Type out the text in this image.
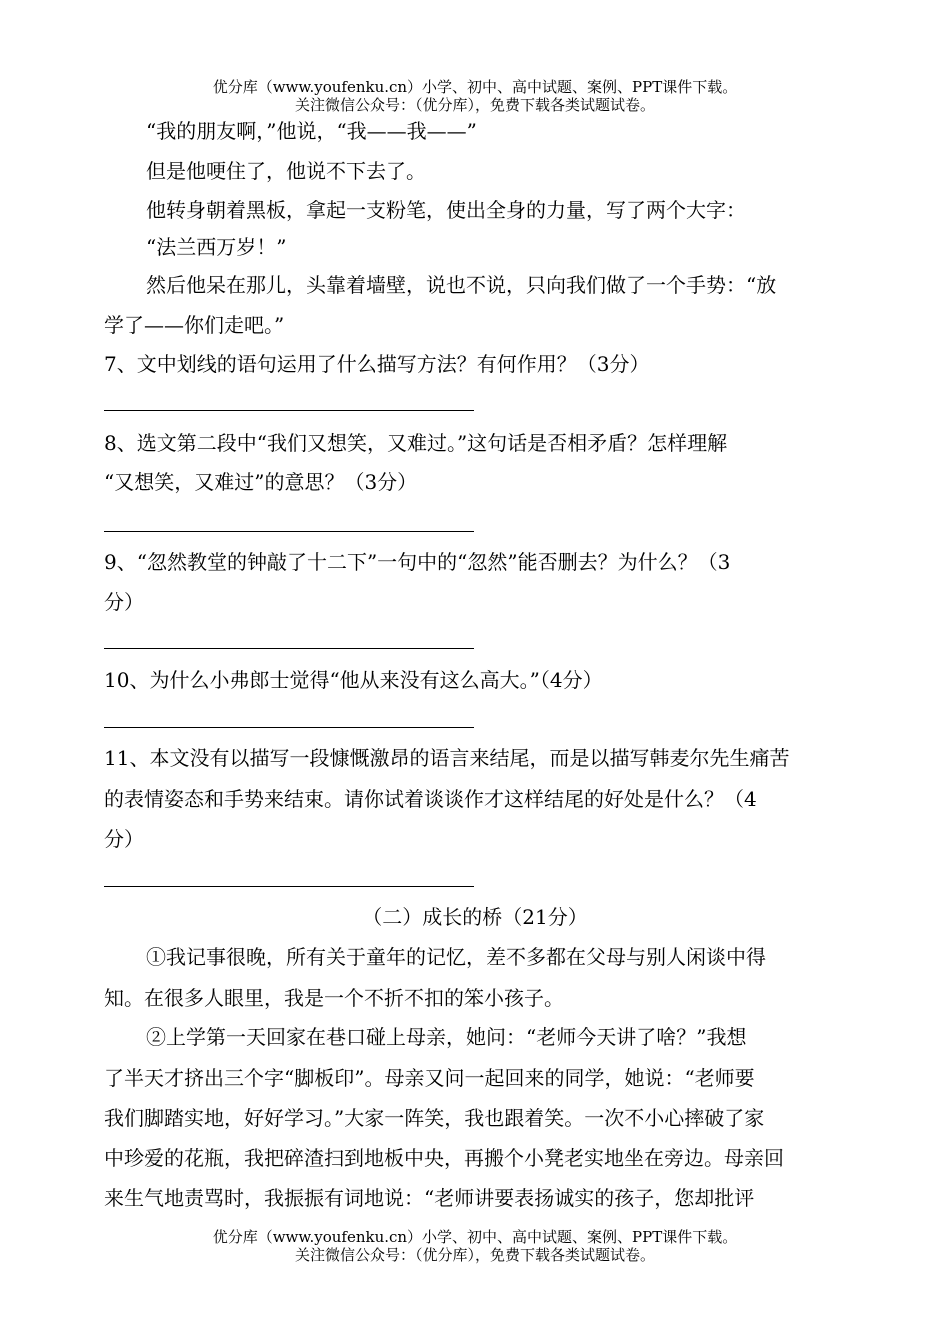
优分库（www.youfenku.cn）小学、初中、高中试题、案例、PPT课件下载。
关注微信公众号：（优分库），免费下载各类试题试卷。
“我的朋友啊，”他说，“我——我——”
但是他哽住了，他说不下去了。
他转身朝着黑板，拿起一支粉笔，使出全身的力量，写了两个大字：
“法兰西万岁！”
然后他呆在那儿，头靠着墙壁，说也不说，只向我们做了一个手势：“放
学了——你们走吧。”
7、文中划线的语句运用了什么描写方法？有何作用？（3分）
8、选文第二段中“我们又想笑，又难过。”这句话是否相矛盾？怎样理解
“又想笑，又难过”的意思？（3分）
9、“忽然教堂的钟敲了十二下”一句中的“忽然”能否删去？为什么？（3
分）
10、为什么小弗郎士觉得“他从来没有这么高大。”（4分）
11、本文没有以描写一段慷慨激昂的语言来结尾，而是以描写韩麦尔先生痛苦
的表情姿态和手势来结束。请你试着谈谈作才这样结尾的好处是什么？（4
分）
（二）成长的桥（21分）
①我记事很晚，所有关于童年的记忆，差不多都在父母与别人闲谈中得
知。在很多人眼里，我是一个不折不扣的笨小孩子。
②上学第一天回家在巷口碰上母亲，她问：“老师今天讲了啥？”我想
了半天才挤出三个字“脚板印”。母亲又问一起回来的同学，她说：“老师要
我们脚踏实地，好好学习。”大家一阵笑，我也跟着笑。一次不小心摔破了家
中珍爱的花瓶，我把碎渣扫到地板中央，再搬个小凳老实地坐在旁边。母亲回
来生气地责骂时，我振振有词地说：“老师讲要表扬诚实的孩子，您却批评
优分库（www.youfenku.cn）小学、初中、高中试题、案例、PPT课件下载。
关注微信公众号：（优分库），免费下载各类试题试卷。
